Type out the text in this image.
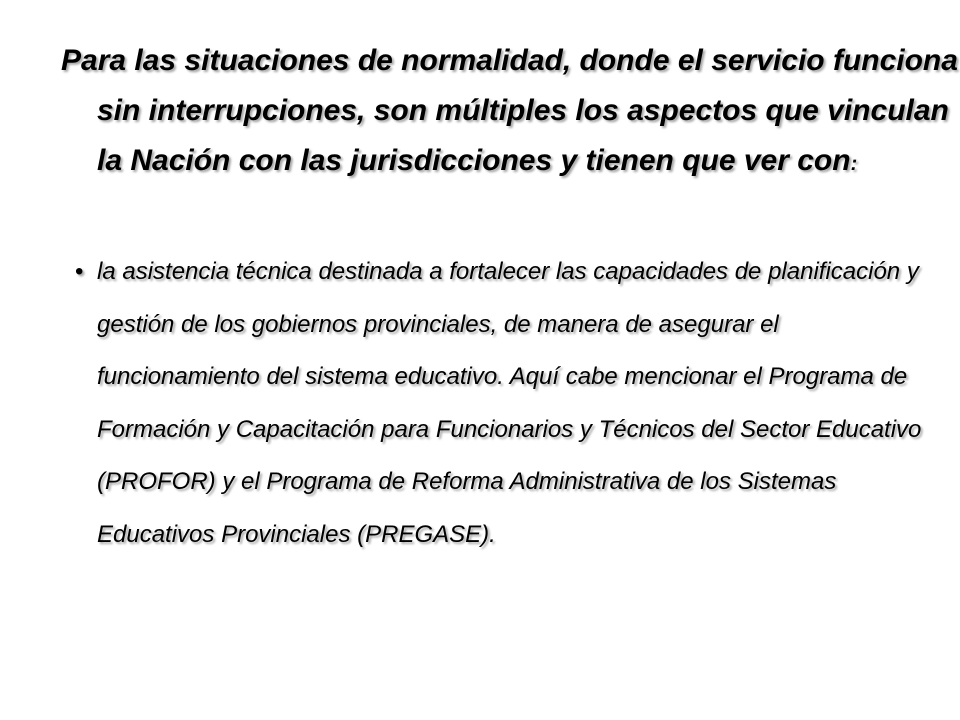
Para las situaciones de normalidad, donde el servicio funciona sin interrupciones, son múltiples los aspectos que vinculan la Nación con las jurisdicciones y tienen que ver con:

• la asistencia técnica destinada a fortalecer las capacidades de planificación y gestión de los gobiernos provinciales, de manera de asegurar el funcionamiento del sistema educativo. Aquí cabe mencionar el Programa de Formación y Capacitación para Funcionarios y Técnicos del Sector Educativo (PROFOR) y el Programa de Reforma Administrativa de los Sistemas Educativos Provinciales (PREGASE).
